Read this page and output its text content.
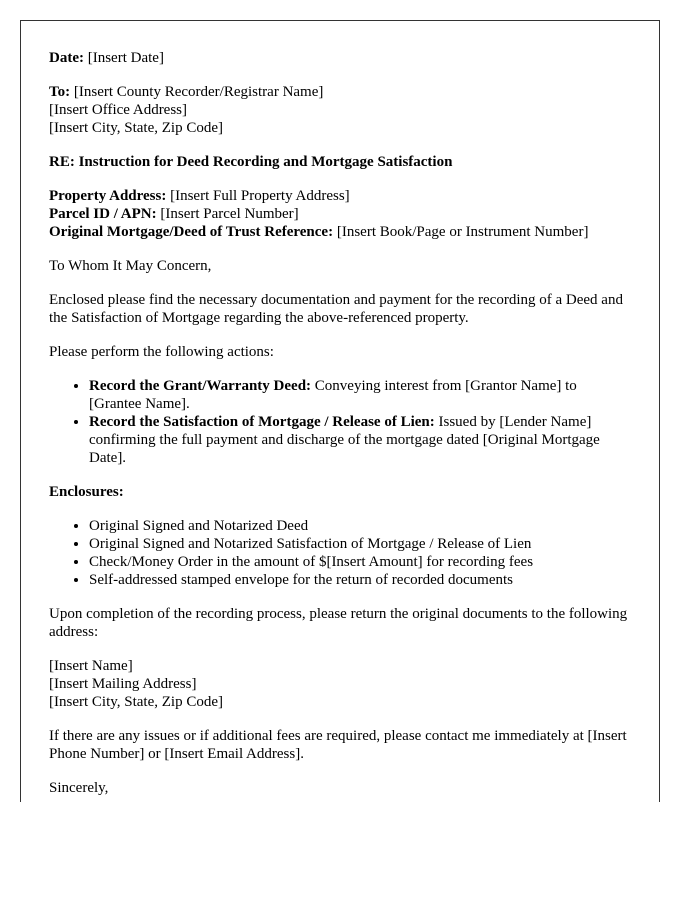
Date: [Insert Date]

To: [Insert County Recorder/Registrar Name]
[Insert Office Address]
[Insert City, State, Zip Code]

RE: Instruction for Deed Recording and Mortgage Satisfaction

Property Address: [Insert Full Property Address]
Parcel ID / APN: [Insert Parcel Number]
Original Mortgage/Deed of Trust Reference: [Insert Book/Page or Instrument Number]

To Whom It May Concern,

Enclosed please find the necessary documentation and payment for the recording of a Deed and the Satisfaction of Mortgage regarding the above-referenced property.

Please perform the following actions:

• Record the Grant/Warranty Deed: Conveying interest from [Grantor Name] to [Grantee Name].
• Record the Satisfaction of Mortgage / Release of Lien: Issued by [Lender Name] confirming the full payment and discharge of the mortgage dated [Original Mortgage Date].

Enclosures:

• Original Signed and Notarized Deed
• Original Signed and Notarized Satisfaction of Mortgage / Release of Lien
• Check/Money Order in the amount of $[Insert Amount] for recording fees
• Self-addressed stamped envelope for the return of recorded documents

Upon completion of the recording process, please return the original documents to the following address:

[Insert Name]
[Insert Mailing Address]
[Insert City, State, Zip Code]

If there are any issues or if additional fees are required, please contact me immediately at [Insert Phone Number] or [Insert Email Address].

Sincerely,
